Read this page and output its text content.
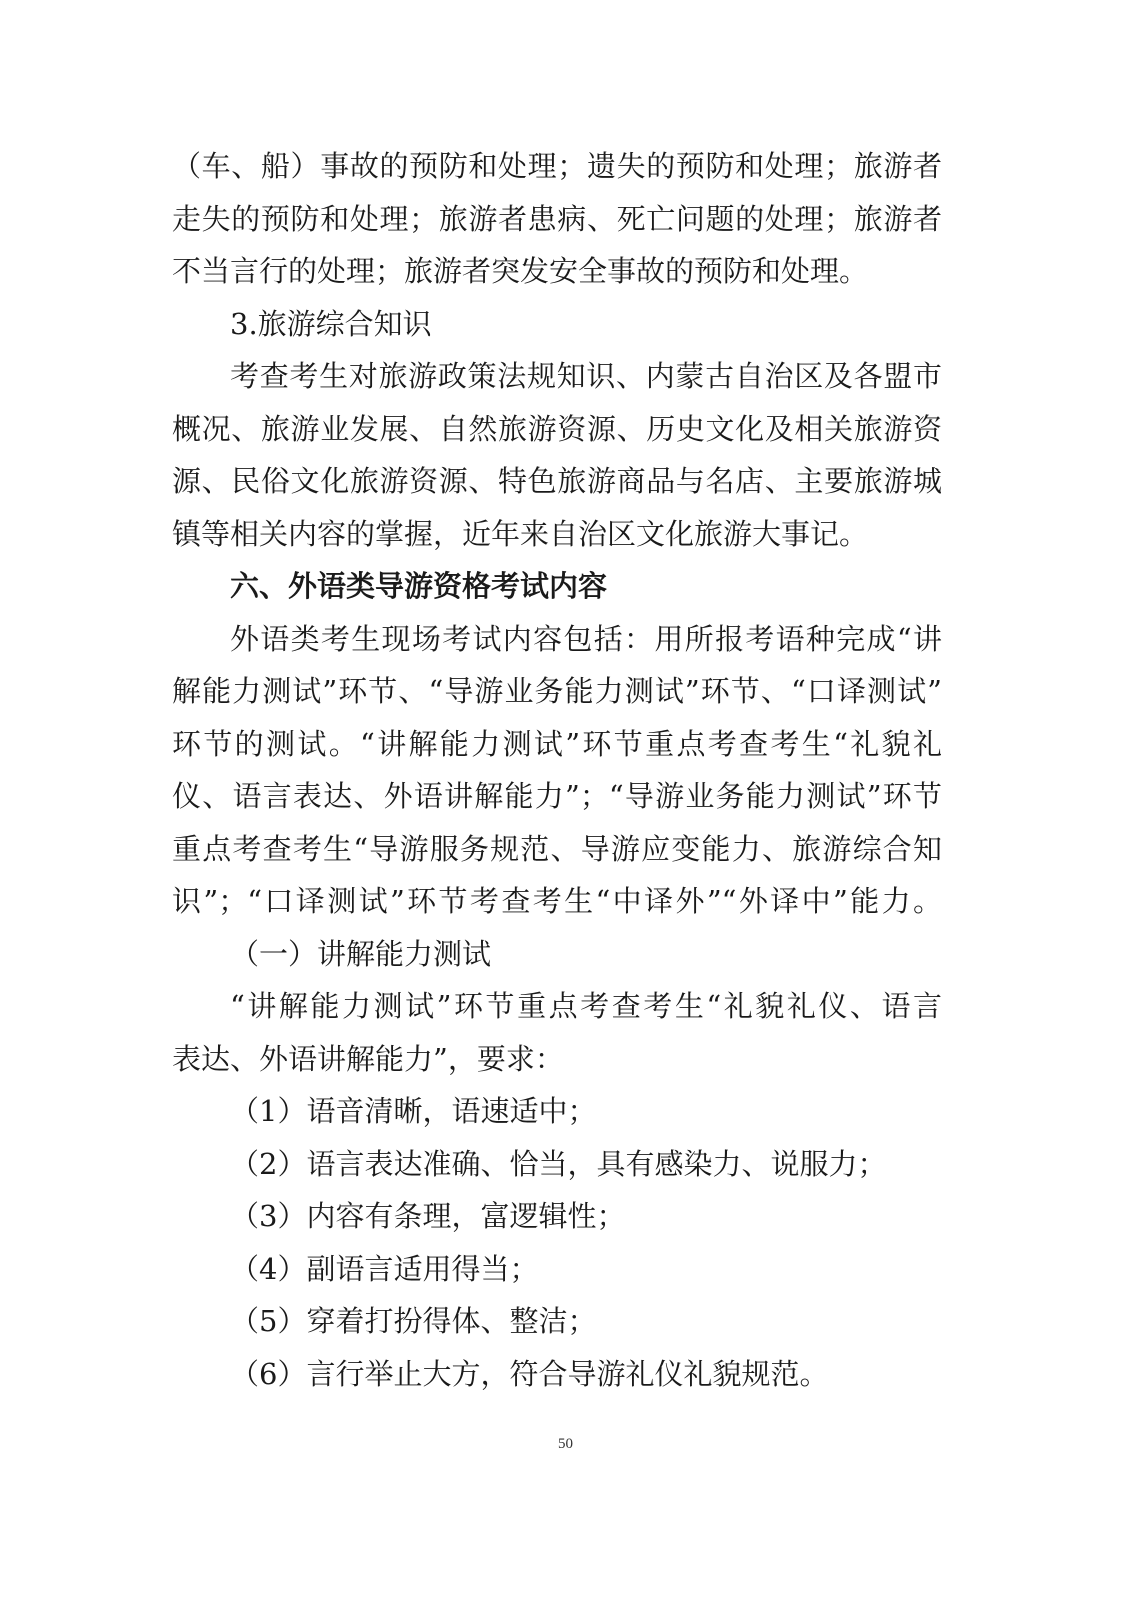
（车、船）事故的预防和处理；遗失的预防和处理；旅游者
走失的预防和处理；旅游者患病、死亡问题的处理；旅游者
不当言行的处理；旅游者突发安全事故的预防和处理。
3.旅游综合知识
考查考生对旅游政策法规知识、内蒙古自治区及各盟市
概况、旅游业发展、自然旅游资源、历史文化及相关旅游资
源、民俗文化旅游资源、特色旅游商品与名店、主要旅游城
镇等相关内容的掌握，近年来自治区文化旅游大事记。
六、外语类导游资格考试内容
外语类考生现场考试内容包括：用所报考语种完成“讲
解能力测试”环节、“导游业务能力测试”环节、“口译测试”
环节的测试。“讲解能力测试”环节重点考查考生“礼貌礼
仪、语言表达、外语讲解能力”；“导游业务能力测试”环节
重点考查考生“导游服务规范、导游应变能力、旅游综合知
识”；“口译测试”环节考查考生“中译外”“外译中”能力。
（一）讲解能力测试
“讲解能力测试”环节重点考查考生“礼貌礼仪、语言
表达、外语讲解能力”，要求：
（1）语音清晰，语速适中；
（2）语言表达准确、恰当，具有感染力、说服力；
（3）内容有条理，富逻辑性；
（4）副语言适用得当；
（5）穿着打扮得体、整洁；
（6）言行举止大方，符合导游礼仪礼貌规范。
50
